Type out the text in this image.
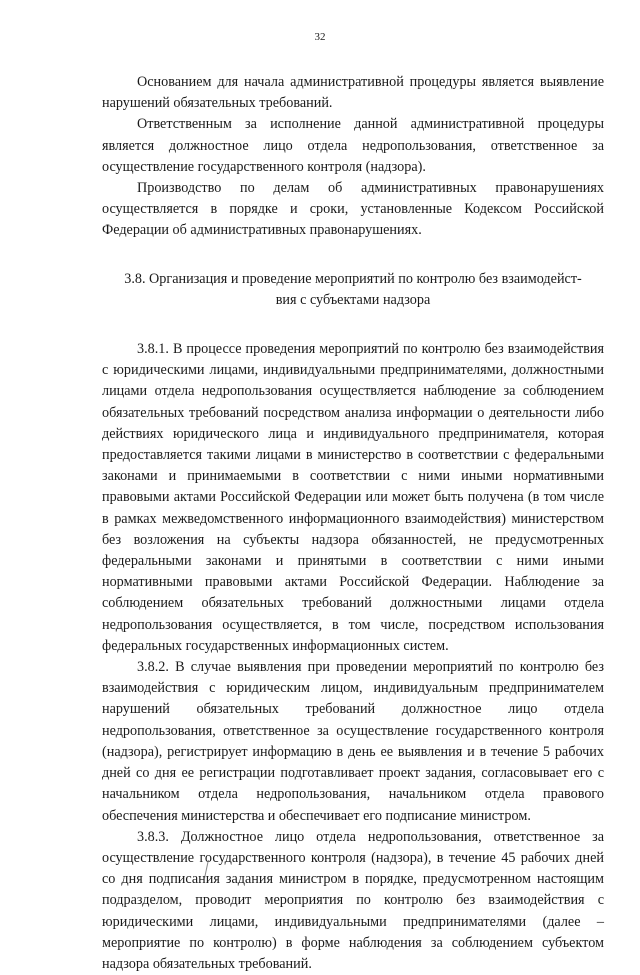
32

Основанием для начала административной процедуры является выявление нарушений обязательных требований.

Ответственным за исполнение данной административной процедуры является должностное лицо отдела недропользования, ответственное за осуществление государственного контроля (надзора).

Производство по делам об административных правонарушениях осуществляется в порядке и сроки, установленные Кодексом Российской Федерации об административных правонарушениях.

3.8. Организация и проведение мероприятий по контролю без взаимодейст-
вия с субъектами надзора

3.8.1. В процессе проведения мероприятий по контролю без взаимодействия с юридическими лицами, индивидуальными предпринимателями, должностными лицами отдела недропользования осуществляется наблюдение за соблюдением обязательных требований посредством анализа информации о деятельности либо действиях юридического лица и индивидуального предпринимателя, которая предоставляется такими лицами в министерство в соответствии с федеральными законами и принимаемыми в соответствии с ними иными нормативными правовыми актами Российской Федерации или может быть получена (в том числе в рамках межведомственного информационного взаимодействия) министерством без возложения на субъекты надзора обязанностей, не предусмотренных федеральными законами и принятыми в соответствии с ними иными нормативными правовыми актами Российской Федерации. Наблюдение за соблюдением обязательных требований должностными лицами отдела недропользования осуществляется, в том числе, посредством использования федеральных государственных информационных систем.

3.8.2. В случае выявления при проведении мероприятий по контролю без взаимодействия с юридическим лицом, индивидуальным предпринимателем нарушений обязательных требований должностное лицо отдела недропользования, ответственное за осуществление государственного контроля (надзора), регистрирует информацию в день ее выявления и в течение 5 рабочих дней со дня ее регистрации подготавливает проект задания, согласовывает его с начальником отдела недропользования, начальником отдела правового обеспечения министерства и обеспечивает его подписание министром.

3.8.3. Должностное лицо отдела недропользования, ответственное за осуществление государственного контроля (надзора), в течение 45 рабочих дней со дня подписания задания министром в порядке, предусмотренном настоящим подразделом, проводит мероприятия по контролю без взаимодействия с юридическими лицами, индивидуальными предпринимателями (далее – мероприятие по контролю) в форме наблюдения за соблюдением субъектом надзора обязательных требований.
